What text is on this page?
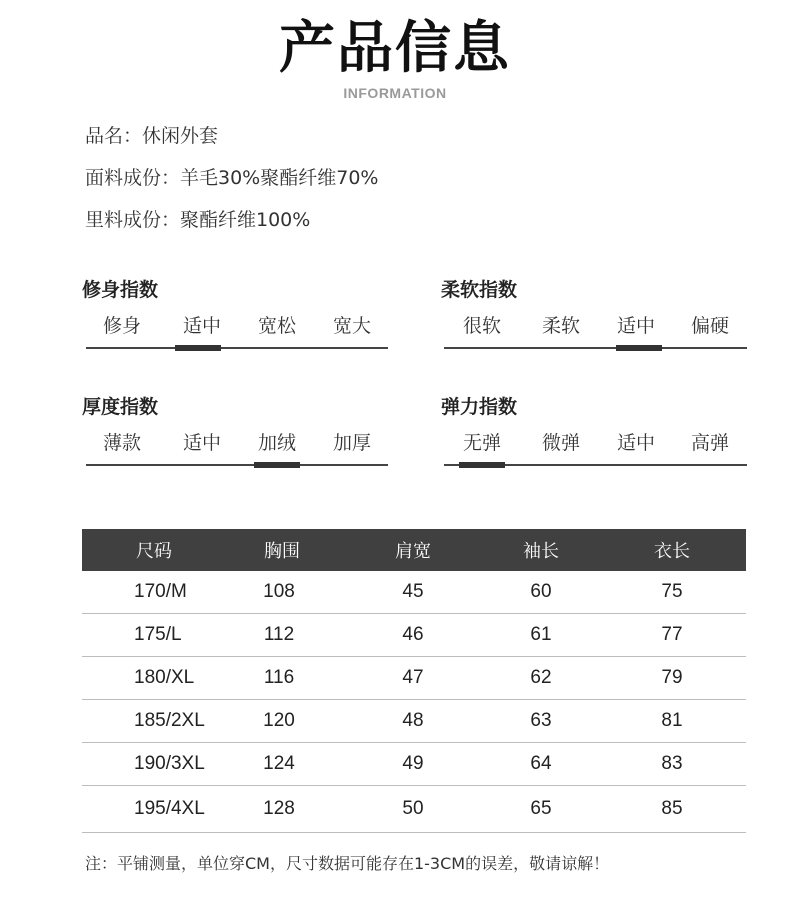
产品信息
INFORMATION
品名：休闲外套
面料成份：羊毛30%聚酯纤维70%
里料成份：聚酯纤维100%
修身指数
修身	适中	宽松	宽大
柔软指数
很软	柔软	适中	偏硬
厚度指数
薄款	适中	加绒	加厚
弹力指数
无弹	微弹	适中	高弹
尺码	胸围	肩宽	袖长	衣长
170/M	108	45	60	75
175/L	112	46	61	77
180/XL	116	47	62	79
185/2XL	120	48	63	81
190/3XL	124	49	64	83
195/4XL	128	50	65	85
注：平铺测量，单位穿CM，尺寸数据可能存在1-3CM的误差，敬请谅解！
